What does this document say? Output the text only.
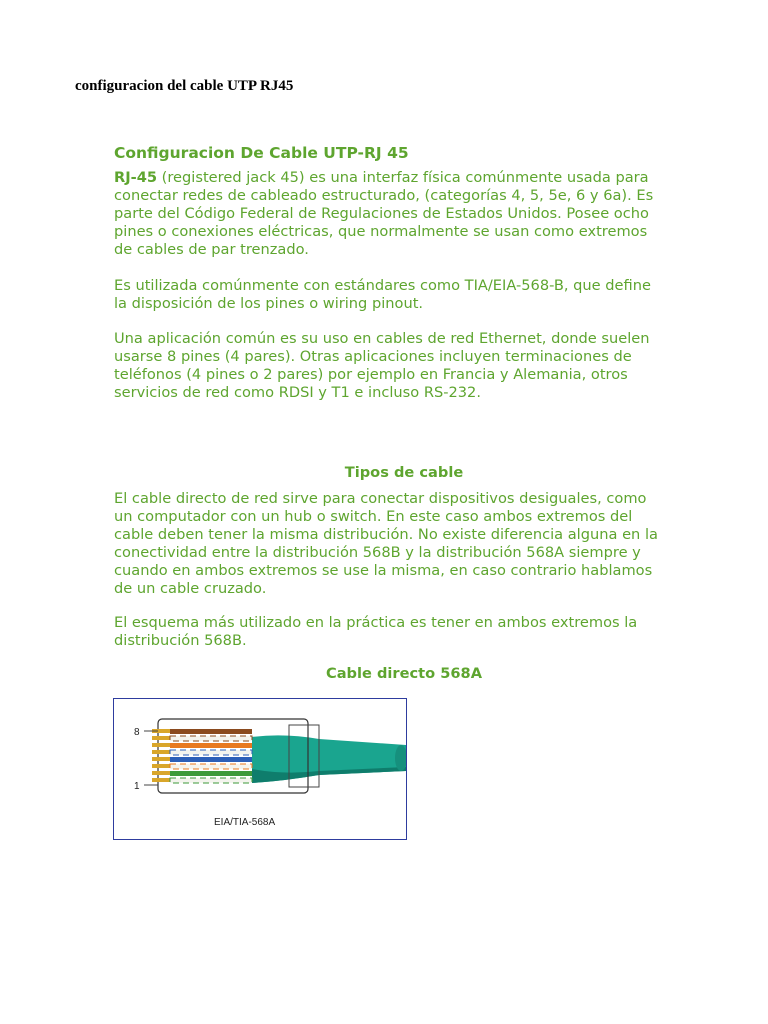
configuracion del cable UTP RJ45
Configuracion De Cable UTP-RJ 45

RJ-45 (registered jack 45) es una interfaz física comúnmente usada para
conectar redes de cableado estructurado, (categorías 4, 5, 5e, 6 y 6a). Es
parte del Código Federal de Regulaciones de Estados Unidos. Posee ocho
pines o conexiones eléctricas, que normalmente se usan como extremos
de cables de par trenzado.

Es utilizada comúnmente con estándares como TIA/EIA-568-B, que define
la disposición de los pines o wiring pinout.

Una aplicación común es su uso en cables de red Ethernet, donde suelen
usarse 8 pines (4 pares). Otras aplicaciones incluyen terminaciones de
teléfonos (4 pines o 2 pares) por ejemplo en Francia y Alemania, otros
servicios de red como RDSI y T1 e incluso RS-232.

Tipos de cable

El cable directo de red sirve para conectar dispositivos desiguales, como
un computador con un hub o switch. En este caso ambos extremos del
cable deben tener la misma distribución. No existe diferencia alguna en la
conectividad entre la distribución 568B y la distribución 568A siempre y
cuando en ambos extremos se use la misma, en caso contrario hablamos
de un cable cruzado.

El esquema más utilizado en la práctica es tener en ambos extremos la
distribución 568B.

Cable directo 568A
8
1
EIA/TIA-568A
